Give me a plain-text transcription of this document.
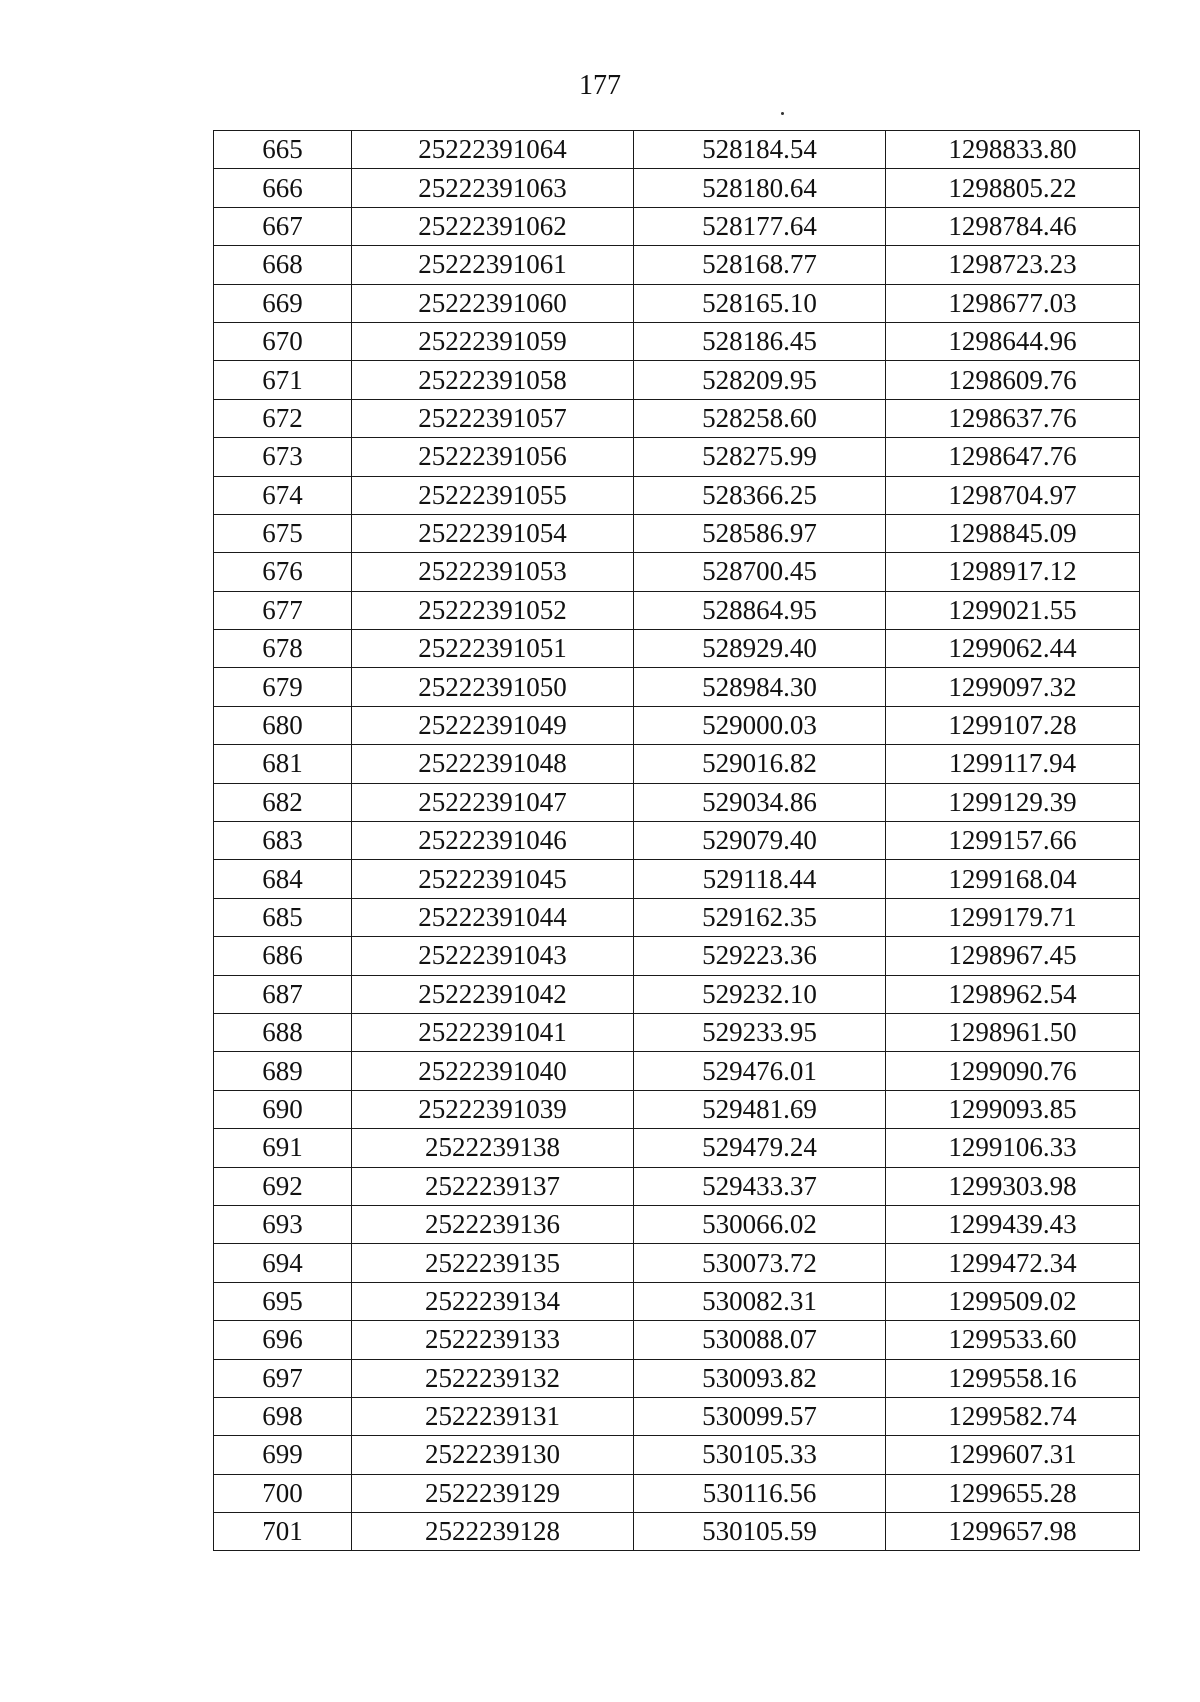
177
665	25222391064	528184.54	1298833.80
666	25222391063	528180.64	1298805.22
667	25222391062	528177.64	1298784.46
668	25222391061	528168.77	1298723.23
669	25222391060	528165.10	1298677.03
670	25222391059	528186.45	1298644.96
671	25222391058	528209.95	1298609.76
672	25222391057	528258.60	1298637.76
673	25222391056	528275.99	1298647.76
674	25222391055	528366.25	1298704.97
675	25222391054	528586.97	1298845.09
676	25222391053	528700.45	1298917.12
677	25222391052	528864.95	1299021.55
678	25222391051	528929.40	1299062.44
679	25222391050	528984.30	1299097.32
680	25222391049	529000.03	1299107.28
681	25222391048	529016.82	1299117.94
682	25222391047	529034.86	1299129.39
683	25222391046	529079.40	1299157.66
684	25222391045	529118.44	1299168.04
685	25222391044	529162.35	1299179.71
686	25222391043	529223.36	1298967.45
687	25222391042	529232.10	1298962.54
688	25222391041	529233.95	1298961.50
689	25222391040	529476.01	1299090.76
690	25222391039	529481.69	1299093.85
691	2522239138	529479.24	1299106.33
692	2522239137	529433.37	1299303.98
693	2522239136	530066.02	1299439.43
694	2522239135	530073.72	1299472.34
695	2522239134	530082.31	1299509.02
696	2522239133	530088.07	1299533.60
697	2522239132	530093.82	1299558.16
698	2522239131	530099.57	1299582.74
699	2522239130	530105.33	1299607.31
700	2522239129	530116.56	1299655.28
701	2522239128	530105.59	1299657.98
